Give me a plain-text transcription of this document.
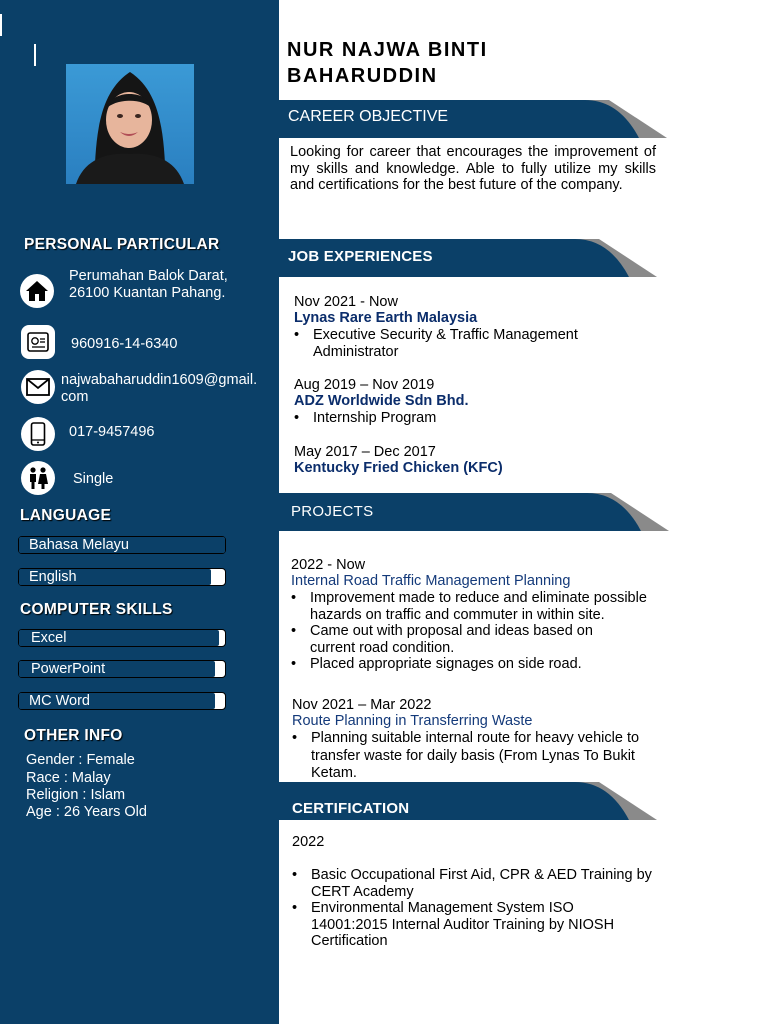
PERSONAL PARTICULAR
Perumahan Balok Darat,
26100 Kuantan Pahang.
960916-14-6340
najwabaharuddin1609@gmail.
com
017-9457496
Single
LANGUAGE
Bahasa Melayu
English
COMPUTER SKILLS
Excel
PowerPoint
MC Word
OTHER INFO
Gender : Female
Race : Malay
Religion : Islam
Age : 26 Years Old
NUR NAJWA BINTI
BAHARUDDIN
CAREER OBJECTIVE
Looking for career that encourages the improvement of my skills and knowledge. Able to fully utilize my skills and certifications for the best future of the company.
JOB EXPERIENCES
Nov 2021 - Now
Lynas Rare Earth Malaysia
• Executive Security & Traffic Management
Administrator
Aug 2019 – Nov 2019
ADZ Worldwide Sdn Bhd.
• Internship Program
May 2017 – Dec 2017
Kentucky Fried Chicken (KFC)
PROJECTS
2022 - Now
Internal Road Traffic Management Planning
• Improvement made to reduce and eliminate possible hazards on traffic and commuter in within site.
• Came out with proposal and ideas based on current road condition.
• Placed appropriate signages on side road.
Nov 2021 – Mar 2022
Route Planning in Transferring Waste
• Planning suitable internal route for heavy vehicle to transfer waste for daily basis (From Lynas To Bukit Ketam.
CERTIFICATION
2022
• Basic Occupational First Aid, CPR & AED Training by CERT Academy
• Environmental Management System ISO 14001:2015 Internal Auditor Training by NIOSH Certification
